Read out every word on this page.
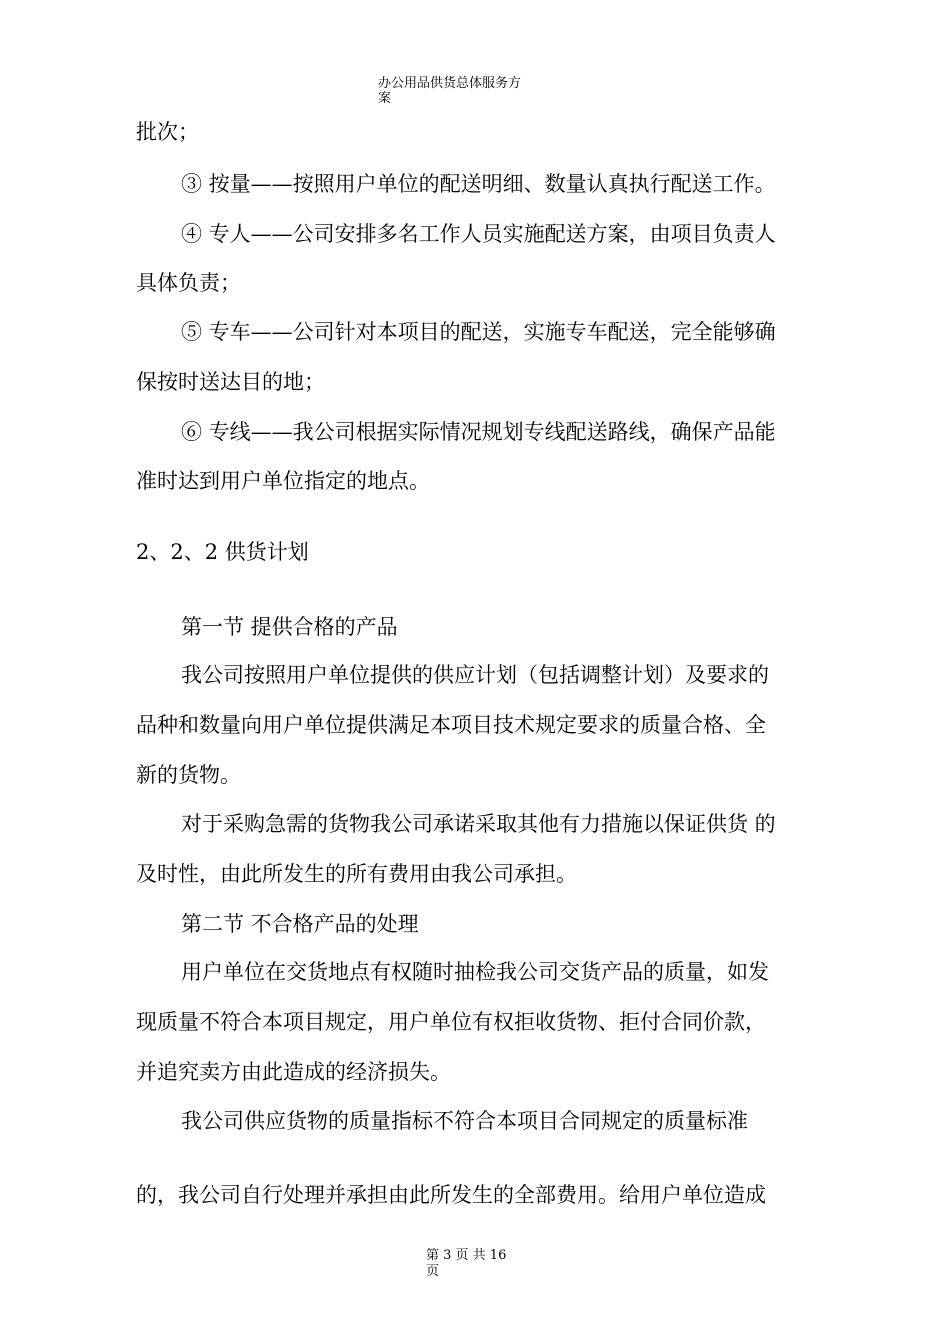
办公用品供货总体服务方
案
批次；
③ 按量——按照用户单位的配送明细、数量认真执行配送工作。
④ 专人——公司安排多名工作人员实施配送方案，由项目负责人
具体负责；
⑤ 专车——公司针对本项目的配送，实施专车配送，完全能够确
保按时送达目的地；
⑥ 专线——我公司根据实际情况规划专线配送路线，确保产品能
准时达到用户单位指定的地点。
2、2、2 供货计划
第一节 提供合格的产品
我公司按照用户单位提供的供应计划（包括调整计划）及要求的
品种和数量向用户单位提供满足本项目技术规定要求的质量合格、全
新的货物。
对于采购急需的货物我公司承诺采取其他有力措施以保证供货 的
及时性，由此所发生的所有费用由我公司承担。
第二节 不合格产品的处理
用户单位在交货地点有权随时抽检我公司交货产品的质量，如发
现质量不符合本项目规定，用户单位有权拒收货物、拒付合同价款，
并追究卖方由此造成的经济损失。
我公司供应货物的质量指标不符合本项目合同规定的质量标准
的，我公司自行处理并承担由此所发生的全部费用。给用户单位造成
第 3 页 共 16
页
